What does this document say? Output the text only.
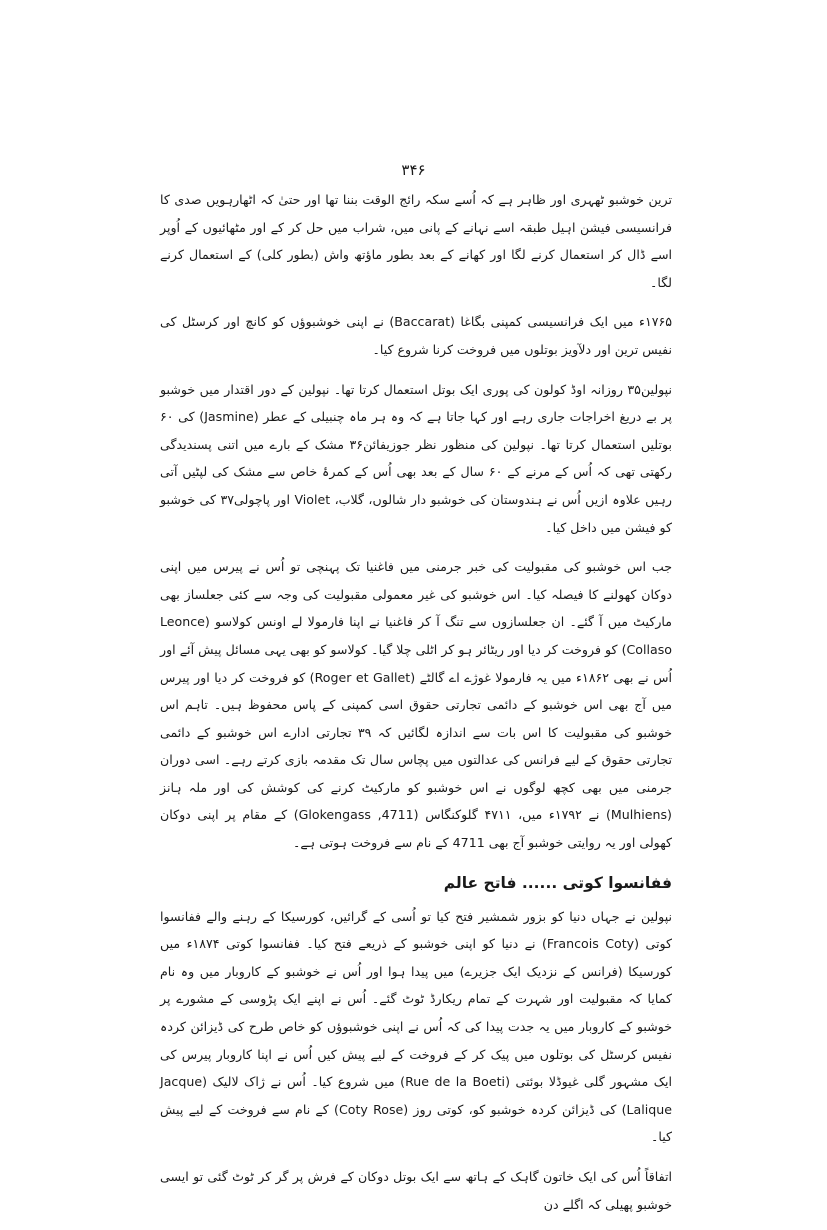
۳۴۶

ترین خوشبو ٹھہری اور ظاہر ہے کہ اُسے سکہ رائج الوقت بننا تھا اور حتیٰ کہ اٹھارہویں صدی کا فرانسیسی فیشن اہیل طبقہ اسے نہانے کے پانی میں، شراب میں حل کر کے اور مٹھائیوں کے اُوپر اسے ڈال کر استعمال کرنے لگا اور کھانے کے بعد بطور ماؤتھ واش (بطور کلی) کے استعمال کرنے لگا۔

۱۷۶۵ء میں ایک فرانسیسی کمپنی بگاغا (Baccarat) نے اپنی خوشبوؤں کو کانچ اور کرسٹل کی نفیس ترین اور دلآویز بوتلوں میں فروخت کرنا شروع کیا۔

نپولین۳۵ روزانہ اوڈ کولون کی پوری ایک بوتل استعمال کرتا تھا۔ نپولین کے دور اقتدار میں خوشبو پر بے دریغ اخراجات جاری رہے اور کہا جاتا ہے کہ وہ ہر ماہ چنبیلی کے عطر (Jasmine) کی ۶۰ بوتلیں استعمال کرتا تھا۔ نپولین کی منظور نظر جوزیفائن۳۶ مشک کے بارے میں اتنی پسندیدگی رکھتی تھی کہ اُس کے مرنے کے ۶۰ سال کے بعد بھی اُس کے کمرۂ خاص سے مشک کی لپٹیں آتی رہیں علاوہ ازیں اُس نے ہندوستان کی خوشبو دار شالوں، گلاب، Violet اور پاچولی۳۷ کی خوشبو کو فیشن میں داخل کیا۔

جب اس خوشبو کی مقبولیت کی خبر جرمنی میں فاغنیا تک پہنچی تو اُس نے پیرس میں اپنی دوکان کھولنے کا فیصلہ کیا۔ اس خوشبو کی غیر معمولی مقبولیت کی وجہ سے کئی جعلساز بھی مارکیٹ میں آ گئے۔ ان جعلسازوں سے تنگ آ کر فاغنیا نے اپنا فارمولا لے اونس کولاسو (Leonce Collaso) کو فروخت کر دیا اور ریٹائر ہو کر اٹلی چلا گیا۔ کولاسو کو بھی یہی مسائل پیش آئے اور اُس نے بھی ۱۸۶۲ء میں یہ فارمولا غوژے اے گالٹے (Roger et Gallet) کو فروخت کر دیا اور پیرس میں آج بھی اس خوشبو کے دائمی تجارتی حقوق اسی کمپنی کے پاس محفوظ ہیں۔ تاہم اس خوشبو کی مقبولیت کا اس بات سے اندازہ لگائیں کہ ۳۹ تجارتی ادارے اس خوشبو کے دائمی تجارتی حقوق کے لیے فرانس کی عدالتوں میں پچاس سال تک مقدمہ بازی کرتے رہے۔ اسی دوران جرمنی میں بھی کچھ لوگوں نے اس خوشبو کو مارکیٹ کرنے کی کوشش کی اور ملہ ہانز (Mulhiens) نے ۱۷۹۲ء میں، ۴۷۱۱ گلوکنگاس (4711, Glokengass) کے مقام پر اپنی دوکان کھولی اور یہ روایتی خوشبو آج بھی 4711 کے نام سے فروخت ہوتی ہے۔

ففانسوا کوتی ...... فاتح عالم

نپولین نے جہاں دنیا کو بزور شمشیر فتح کیا تو اُسی کے گرائیں، کورسیکا کے رہنے والے ففانسوا کوتی (Francois Coty) نے دنیا کو اپنی خوشبو کے ذریعے فتح کیا۔ ففانسوا کوتی ۱۸۷۴ء میں کورسیکا (فرانس کے نزدیک ایک جزیرے) میں پیدا ہوا اور اُس نے خوشبو کے کاروبار میں وہ نام کمایا کہ مقبولیت اور شہرت کے تمام ریکارڈ ٹوٹ گئے۔ اُس نے اپنے ایک پڑوسی کے مشورے پر خوشبو کے کاروبار میں یہ جدت پیدا کی کہ اُس نے اپنی خوشبوؤں کو خاص طرح کی ڈیزائن کردہ نفیس کرسٹل کی بوتلوں میں پیک کر کے فروخت کے لیے پیش کیں اُس نے اپنا کاروبار پیرس کی ایک مشہور گلی غیوڈلا بوئتی (Rue de la Boeti) میں شروع کیا۔ اُس نے ژاک لالیک (Jacque Lalique) کی ڈیزائن کردہ خوشبو کو، کوتی روز (Coty Rose) کے نام سے فروخت کے لیے پیش کیا۔

اتفاقاً اُس کی ایک خاتون گاہک کے ہاتھ سے ایک بوتل دوکان کے فرش پر گر کر ٹوٹ گئی تو ایسی خوشبو پھیلی کہ اگلے دن
